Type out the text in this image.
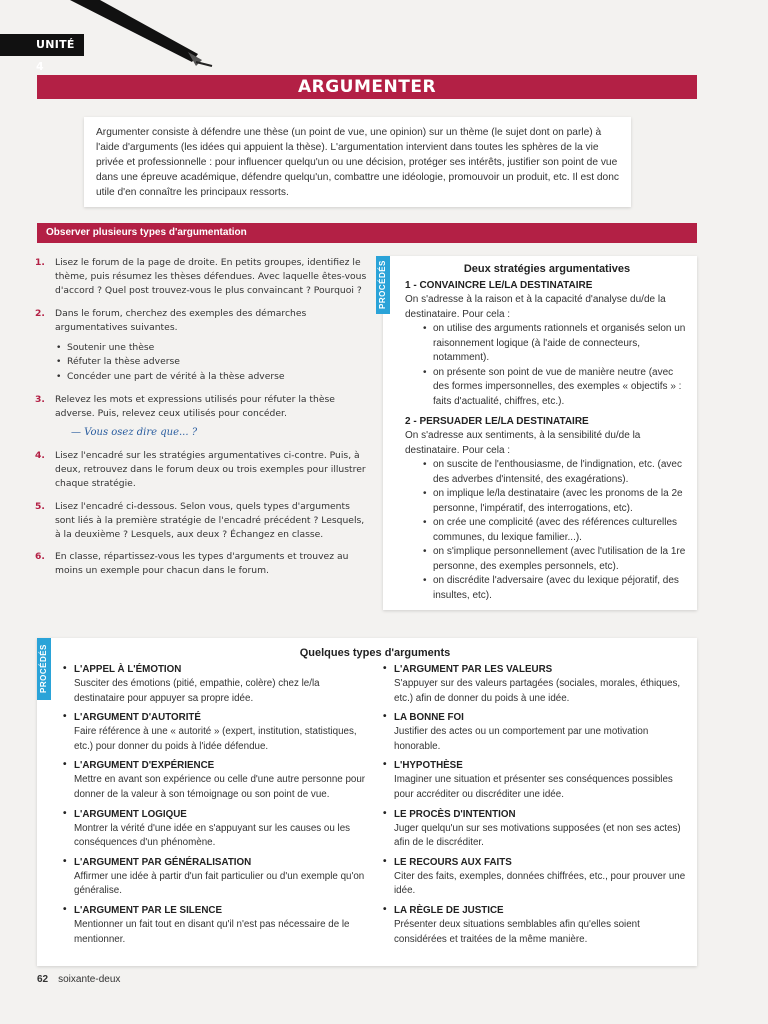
UNITÉ 4
ARGUMENTER
Argumenter consiste à défendre une thèse (un point de vue, une opinion) sur un thème (le sujet dont on parle) à l'aide d'arguments (les idées qui appuient la thèse). L'argumentation intervient dans toutes les sphères de la vie privée et professionnelle : pour influencer quelqu'un ou une décision, protéger ses intérêts, justifier son point de vue dans une épreuve académique, défendre quelqu'un, combattre une idéologie, promouvoir un produit, etc. Il est donc utile d'en connaître les principaux ressorts.
Observer plusieurs types d'argumentation
1. Lisez le forum de la page de droite. En petits groupes, identifiez le thème, puis résumez les thèses défendues. Avec laquelle êtes-vous d'accord ? Quel post trouvez-vous le plus convaincant ? Pourquoi ?
2. Dans le forum, cherchez des exemples des démarches argumentatives suivantes.
• Soutenir une thèse
• Réfuter la thèse adverse
• Concéder une part de vérité à la thèse adverse
3. Relevez les mots et expressions utilisés pour réfuter la thèse adverse. Puis, relevez ceux utilisés pour concéder.
— Vous osez dire que... ?
4. Lisez l'encadré sur les stratégies argumentatives ci-contre. Puis, à deux, retrouvez dans le forum deux ou trois exemples pour illustrer chaque stratégie.
5. Lisez l'encadré ci-dessous. Selon vous, quels types d'arguments sont liés à la première stratégie de l'encadré précédent ? Lesquels, à la deuxième ? Lesquels, aux deux ? Échangez en classe.
6. En classe, répartissez-vous les types d'arguments et trouvez au moins un exemple pour chacun dans le forum.
PROCÉDÉS	Deux stratégies argumentatives
1 - CONVAINCRE LE/LA DESTINATAIRE
On s'adresse à la raison et à la capacité d'analyse du/de la destinataire. Pour cela :
• on utilise des arguments rationnels et organisés selon un raisonnement logique (à l'aide de connecteurs, notamment).
• on présente son point de vue de manière neutre (avec des formes impersonnelles, des exemples « objectifs » : faits d'actualité, chiffres, etc.).
2 - PERSUADER LE/LA DESTINATAIRE
On s'adresse aux sentiments, à la sensibilité du/de la destinataire. Pour cela :
• on suscite de l'enthousiasme, de l'indignation, etc. (avec des adverbes d'intensité, des exagérations).
• on implique le/la destinataire (avec les pronoms de la 2e personne, l'impératif, des interrogations, etc).
• on crée une complicité (avec des références culturelles communes, du lexique familier...).
• on s'implique personnellement (avec l'utilisation de la 1re personne, des exemples personnels, etc).
• on discrédite l'adversaire (avec du lexique péjoratif, des insultes, etc).
PROCÉDÉS	Quelques types d'arguments
• L'APPEL À L'ÉMOTION
Susciter des émotions (pitié, empathie, colère) chez le/la destinataire pour appuyer sa propre idée.
• L'ARGUMENT D'AUTORITÉ
Faire référence à une « autorité » (expert, institution, statistiques, etc.) pour donner du poids à l'idée défendue.
• L'ARGUMENT D'EXPÉRIENCE
Mettre en avant son expérience ou celle d'une autre personne pour donner de la valeur à son témoignage ou son point de vue.
• L'ARGUMENT LOGIQUE
Montrer la vérité d'une idée en s'appuyant sur les causes ou les conséquences d'un phénomène.
• L'ARGUMENT PAR GÉNÉRALISATION
Affirmer une idée à partir d'un fait particulier ou d'un exemple qu'on généralise.
• L'ARGUMENT PAR LE SILENCE
Mentionner un fait tout en disant qu'il n'est pas nécessaire de le mentionner.
• L'ARGUMENT PAR LES VALEURS
S'appuyer sur des valeurs partagées (sociales, morales, éthiques, etc.) afin de donner du poids à une idée.
• LA BONNE FOI
Justifier des actes ou un comportement par une motivation honorable.
• L'HYPOTHÈSE
Imaginer une situation et présenter ses conséquences possibles pour accréditer ou discréditer une idée.
• LE PROCÈS D'INTENTION
Juger quelqu'un sur ses motivations supposées (et non ses actes) afin de le discréditer.
• LE RECOURS AUX FAITS
Citer des faits, exemples, données chiffrées, etc., pour prouver une idée.
• LA RÈGLE DE JUSTICE
Présenter deux situations semblables afin qu'elles soient considérées et traitées de la même manière.
62 soixante-deux
